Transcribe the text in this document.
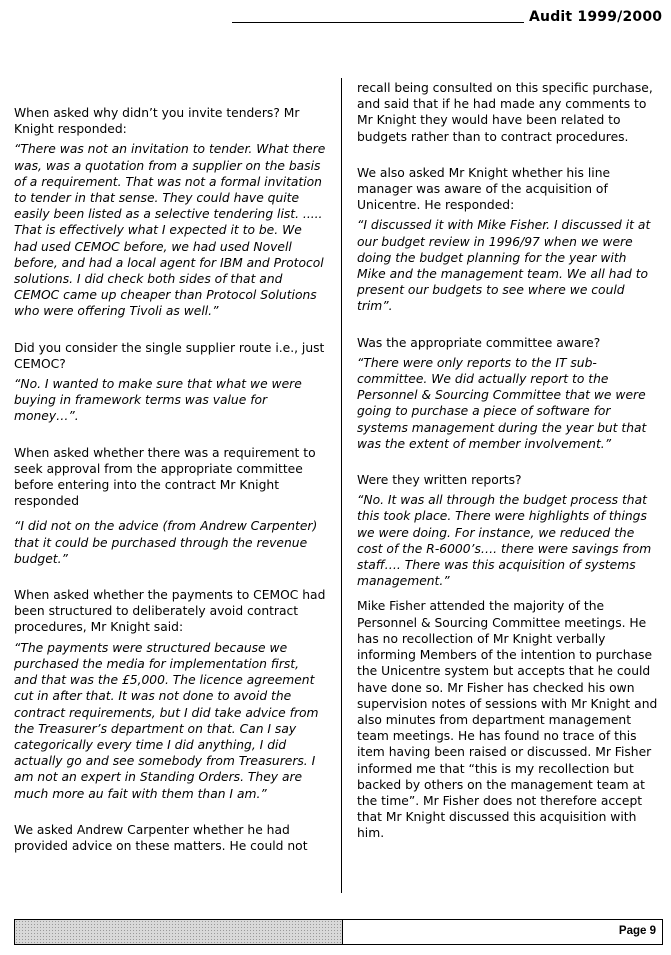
Audit 1999/2000

When asked why didn’t you invite tenders? Mr Knight responded:

“There was not an invitation to tender. What there was, was a quotation from a supplier on the basis of a requirement. That was not a formal invitation to tender in that sense. They could have quite easily been listed as a selective tendering list. ..... That is effectively what I expected it to be. We had used CEMOC before, we had used Novell before, and had a local agent for IBM and Protocol solutions. I did check both sides of that and CEMOC came up cheaper than Protocol Solutions who were offering Tivoli as well.”

Did you consider the single supplier route i.e., just CEMOC?

“No. I wanted to make sure that what we were buying in framework terms was value for money…”.

When asked whether there was a requirement to seek approval from the appropriate committee before entering into the contract Mr Knight responded

“I did not on the advice (from Andrew Carpenter) that it could be purchased through the revenue budget.”

When asked whether the payments to CEMOC had been structured to deliberately avoid contract procedures, Mr Knight said:

“The payments were structured because we purchased the media for implementation first, and that was the £5,000. The licence agreement cut in after that. It was not done to avoid the contract requirements, but I did take advice from the Treasurer’s department on that. Can I say categorically every time I did anything, I did actually go and see somebody from Treasurers. I am not an expert in Standing Orders. They are much more au fait with them than I am.”

We asked Andrew Carpenter whether he had provided advice on these matters. He could not

recall being consulted on this specific purchase, and said that if he had made any comments to Mr Knight they would have been related to budgets rather than to contract procedures.

We also asked Mr Knight whether his line manager was aware of the acquisition of Unicentre. He responded:

“I discussed it with Mike Fisher. I discussed it at our budget review in 1996/97 when we were doing the budget planning for the year with Mike and the management team. We all had to present our budgets to see where we could trim”.

Was the appropriate committee aware?

“There were only reports to the IT sub-committee. We did actually report to the Personnel & Sourcing Committee that we were going to purchase a piece of software for systems management during the year but that was the extent of member involvement.”

Were they written reports?

“No. It was all through the budget process that this took place. There were highlights of things we were doing. For instance, we reduced the cost of the R-6000’s…. there were savings from staff…. There was this acquisition of systems management.”

Mike Fisher attended the majority of the Personnel & Sourcing Committee meetings. He has no recollection of Mr Knight verbally informing Members of the intention to purchase the Unicentre system but accepts that he could have done so. Mr Fisher has checked his own supervision notes of sessions with Mr Knight and also minutes from department management team meetings. He has found no trace of this item having been raised or discussed. Mr Fisher informed me that “this is my recollection but backed by others on the management team at the time”. Mr Fisher does not therefore accept that Mr Knight discussed this acquisition with him.

Page 9
